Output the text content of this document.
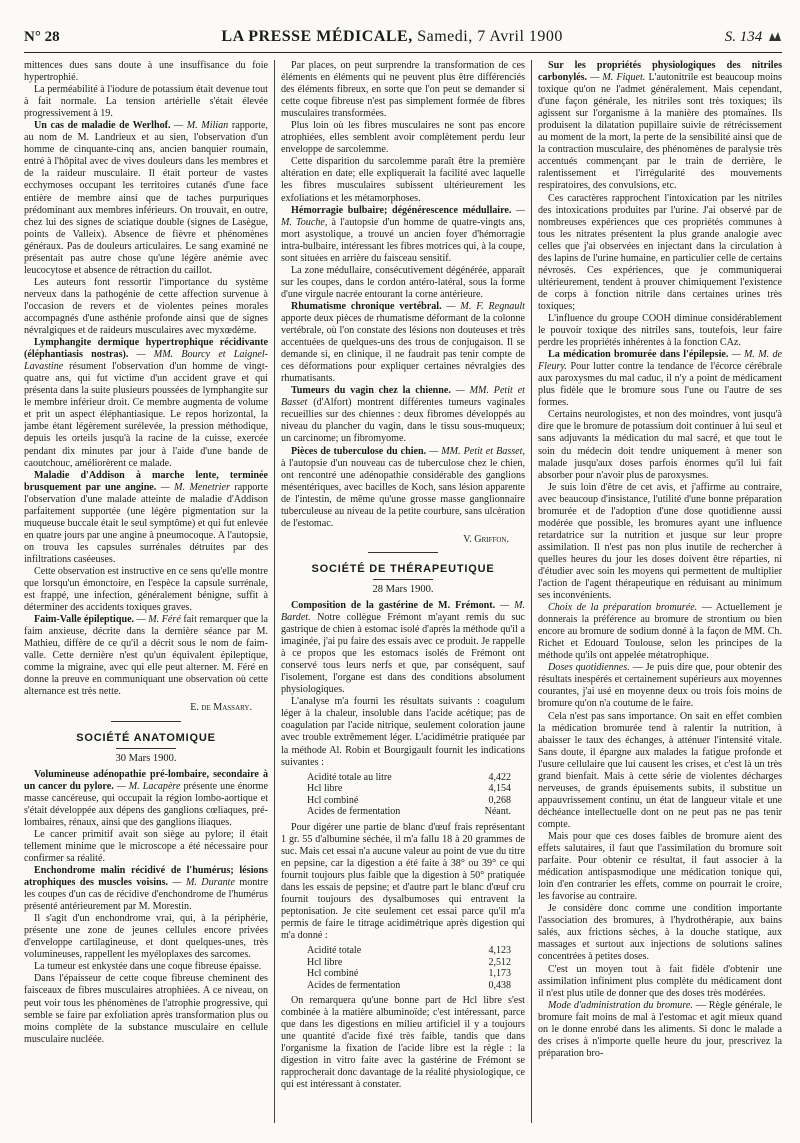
N° 28	LA PRESSE MÉDICALE, Samedi, 7 Avril 1900	S. 134

mittences dues sans doute à une insuffisance du foie hypertrophié.

La perméabilité à l'iodure de potassium était devenue tout à fait normale. La tension artérielle s'était élevée progressivement à 19.

Un cas de maladie de Werlhof. — M. Milian rapporte, au nom de M. Landrieux et au sien, l'observation d'un homme de cinquante-cinq ans, ancien banquier roumain, entré à l'hôpital avec de vives douleurs dans les membres et de la raideur musculaire. Il était porteur de vastes ecchymoses occupant les territoires cutanés d'une face entière de membre ainsi que de taches purpuriques prédominant aux membres inférieurs. On trouvait, en outre, chez lui des signes de sciatique double (signes de Lasègue, points de Valleix). Absence de fièvre et phénomènes généraux. Pas de douleurs articulaires. Le sang examiné ne présentait pas autre chose qu'une légère anémie avec leucocytose et absence de rétraction du caillot.

Les auteurs font ressortir l'importance du système nerveux dans la pathogénie de cette affection survenue à l'occasion de revers et de violentes peines morales accompagnés d'une asthénie profonde ainsi que de signes névralgiques et de raideurs musculaires avec myxœdème.

Lymphangite dermique hypertrophique récidivante (éléphantiasis nostras). — MM. Bourcy et Laignel-Lavastine résument l'observation d'un homme de vingt-quatre ans, qui fut victime d'un accident grave et qui présenta dans la suite plusieurs poussées de lymphangite sur le membre inférieur droit. Ce membre augmenta de volume et prit un aspect éléphantiasique. Le repos horizontal, la jambe étant légèrement surélevée, la pression méthodique, depuis les orteils jusqu'à la racine de la cuisse, exercée pendant dix minutes par jour à l'aide d'une bande de caoutchouc, améliorèrent ce malade.

Maladie d'Addison à marche lente, terminée brusquement par une angine. — M. Menetrier rapporte l'observation d'une malade atteinte de maladie d'Addison parfaitement supportée (une légère pigmentation sur la muqueuse buccale était le seul symptôme) et qui fut enlevée en quatre jours par une angine à pneumocoque. A l'autopsie, on trouva les capsules surrénales détruites par des infiltrations caséeuses.

Cette observation est instructive en ce sens qu'elle montre que lorsqu'un émonctoire, en l'espèce la capsule surrénale, est frappé, une infection, généralement bénigne, suffit à déterminer des accidents toxiques graves.

Faim-Valle épileptique. — M. Féré fait remarquer que la faim anxieuse, décrite dans la dernière séance par M. Mathieu, diffère de ce qu'il a décrit sous le nom de faim-valle. Cette dernière n'est qu'un équivalent épileptique, comme la migraine, avec qui elle peut alterner. M. Féré en donne la preuve en communiquant une observation où cette alternance est très nette.

E. de Massary.
SOCIÉTÉ ANATOMIQUE
30 Mars 1900.

Volumineuse adénopathie pré-lombaire, secondaire à un cancer du pylore. — M. Lacapère présente une énorme masse cancéreuse, qui occupait la région lombo-aortique et s'était développée aux dépens des ganglions cœliaques, pré-lombaires, rénaux, ainsi que des ganglions iliaques.

Le cancer primitif avait son siège au pylore; il était tellement minime que le microscope a été nécessaire pour confirmer sa réalité.

Enchondrome malin récidivé de l'humérus; lésions atrophiques des muscles voisins. — M. Durante montre les coupes d'un cas de récidive d'enchondrome de l'humérus présenté antérieurement par M. Morestin.

Il s'agit d'un enchondrome vrai, qui, à la périphérie, présente une zone de jeunes cellules encore privées d'enveloppe cartilagineuse, et dont quelques-unes, très volumineuses, rappellent les myéloplaxes des sarcomes.

La tumeur est enkystée dans une coque fibreuse épaisse.

Dans l'épaisseur de cette coque fibreuse cheminent des faisceaux de fibres musculaires atrophiées. A ce niveau, on peut voir tous les phénomènes de l'atrophie progressive, qui semble se faire par exfoliation après transformation plus ou moins complète de la substance musculaire en cellule musculaire nucléée.

Par places, on peut surprendre la transformation de ces éléments en éléments qui ne peuvent plus être différenciés des éléments fibreux, en sorte que l'on peut se demander si cette coque fibreuse n'est pas simplement formée de fibres musculaires transformées.

Plus loin où les fibres musculaires ne sont pas encore atrophiées, elles semblent avoir complètement perdu leur enveloppe de sarcolemme.

Cette disparition du sarcolemme paraît être la première altération en date; elle expliquerait la facilité avec laquelle les fibres musculaires subissent ultérieurement les exfoliations et les métamorphoses.

Hémorragie bulbaire; dégénérescence médullaire. — M. Touche, à l'autopsie d'un homme de quatre-vingts ans, mort asystolique, a trouvé un ancien foyer d'hémorragie intra-bulbaire, intéressant les fibres motrices qui, à la coupe, sont situées en arrière du faisceau sensitif.

La zone médullaire, consécutivement dégénérée, apparaît sur les coupes, dans le cordon antéro-latéral, sous la forme d'une virgule nacrée entourant la corne antérieure.

Rhumatisme chronique vertébral. — M. F. Regnault apporte deux pièces de rhumatisme déformant de la colonne vertébrale, où l'on constate des lésions non douteuses et très accentuées de quelques-uns des trous de conjugaison. Il se demande si, en clinique, il ne faudrait pas tenir compte de ces déformations pour expliquer certaines névralgies des rhumatisants.

Tumeurs du vagin chez la chienne. — MM. Petit et Basset (d'Alfort) montrent différentes tumeurs vaginales recueillies sur des chiennes : deux fibromes développés au niveau du plancher du vagin, dans le tissu sous-muqueux; un carcinome; un fibromyome.

Pièces de tuberculose du chien. — MM. Petit et Basset, à l'autopsie d'un nouveau cas de tuberculose chez le chien, ont rencontré une adénopathie considérable des ganglions mésentériques, avec bacilles de Koch, sans lésion apparente de l'intestin, de même qu'une grosse masse ganglionnaire tuberculeuse au niveau de la petite courbure, sans ulcération de l'estomac.

V. Griffon.
SOCIÉTÉ DE THÉRAPEUTIQUE
28 Mars 1900.

Composition de la gastérine de M. Frémont. — M. Bardet. Notre collègue Frémont m'ayant remis du suc gastrique de chien à estomac isolé d'après la méthode qu'il a imaginée, j'ai pu faire des essais avec ce produit. Je rappelle à ce propos que les estomacs isolés de Frémont ont conservé tous leurs nerfs et que, par conséquent, sauf l'isolement, l'organe est dans des conditions absolument physiologiques.

L'analyse m'a fourni les résultats suivants : coagulum léger à la chaleur, insoluble dans l'acide acétique; pas de coagulation par l'acide nitrique, seulement coloration jaune avec trouble extrêmement léger. L'acidimétrie pratiquée par la méthode Al. Robin et Bourgigault fournit les indications suivantes :

Acidité totale au litre	4,422
Hcl libre	4,154
Hcl combiné	0,268
Acides de fermentation	Néant.

Pour digérer une partie de blanc d'œuf frais représentant 1 gr. 55 d'albumine séchée, il m'a fallu 18 à 20 grammes de suc. Mais cet essai n'a aucune valeur au point de vue du titre en pepsine, car la digestion a été faite à 38° ou 39° ce qui fournit toujours plus faible que la digestion à 50° pratiquée dans les essais de pepsine; et d'autre part le blanc d'œuf cru fournit toujours des dysalbumoses qui entravent la peptonisation. Je cite seulement cet essai parce qu'il m'a permis de faire le titrage acidimétrique après digestion qui m'a donné :

Acidité totale	4,123
Hcl libre	2,512
Hcl combiné	1,173
Acides de fermentation	0,438

On remarquera qu'une bonne part de Hcl libre s'est combinée à la matière albuminoïde; c'est intéressant, parce que dans les digestions en milieu artificiel il y a toujours une quantité d'acide fixé très faible, tandis que dans l'organisme la fixation de l'acide libre est la règle : la digestion in vitro faite avec la gastérine de Frémont se rapprocherait donc davantage de la réalité physiologique, ce qui est intéressant à constater.

Sur les propriétés physiologiques des nitriles carbonylés. — M. Fiquet. L'autonitrile est beaucoup moins toxique qu'on ne l'admet généralement. Mais cependant, d'une façon générale, les nitriles sont très toxiques; ils agissent sur l'organisme à la manière des ptomaïnes. Ils produisent la dilatation pupillaire suivie de rétrécissement au moment de la mort, la perte de la sensibilité ainsi que de la contraction musculaire, des phénomènes de paralysie très accentués commençant par le train de derrière, le ralentissement et l'irrégularité des mouvements respiratoires, des convulsions, etc.

Ces caractères rapprochent l'intoxication par les nitriles des intoxications produites par l'urine. J'ai observé par de nombreuses expériences que ces propriétés communes à tous les nitrates présentent la plus grande analogie avec celles que j'ai observées en injectant dans la circulation à des lapins de l'urine humaine, en particulier celle de certains névrosés. Ces expériences, que je communiquerai ultérieurement, tendent à prouver chimiquement l'existence de corps à fonction nitrile dans certaines urines très toxiques;

L'influence du groupe COOH diminue considérablement le pouvoir toxique des nitriles sans, toutefois, leur faire perdre les propriétés inhérentes à la fonction CAz.

La médication bromurée dans l'épilepsie. — M. M. de Fleury. Pour lutter contre la tendance de l'écorce cérébrale aux paroxysmes du mal caduc, il n'y a point de médicament plus fidèle que le bromure sous l'une ou l'autre de ses formes.

Certains neurologistes, et non des moindres, vont jusqu'à dire que le bromure de potassium doit continuer à lui seul et sans adjuvants la médication du mal sacré, et que tout le soin du médecin doit tendre uniquement à mener son malade jusqu'aux doses parfois énormes qu'il lui fait absorber pour n'avoir plus de paroxysmes.

Je suis loin d'être de cet avis, et j'affirme au contraire, avec beaucoup d'insistance, l'utilité d'une bonne préparation bromurée et de l'adoption d'une dose quotidienne aussi modérée que possible, les bromures ayant une influence retardatrice sur la nutrition et jusque sur leur propre assimilation. Il n'est pas non plus inutile de rechercher à quelles heures du jour les doses doivent être réparties, ni d'étudier avec soin les moyens qui permettent de multiplier l'action de l'agent thérapeutique en réduisant au minimum ses inconvénients.

Choix de la préparation bromurée. — Actuellement je donnerais la préférence au bromure de strontium ou bien encore au bromure de sodium donné à la façon de MM. Ch. Richet et Edouard Toulouse, selon les principes de la méthode qu'ils ont appelée métatrophique.

Doses quotidiennes. — Je puis dire que, pour obtenir des résultats inespérés et certainement supérieurs aux moyennes courantes, j'ai usé en moyenne deux ou trois fois moins de bromure qu'on n'a coutume de le faire.

Cela n'est pas sans importance. On sait en effet combien la médication bromurée tend à ralentir la nutrition, à abaisser le taux des échanges, à atténuer l'intensité vitale. Sans doute, il épargne aux malades la fatigue profonde et l'usure cellulaire que lui causent les crises, et c'est là un très grand bienfait. Mais à cette série de violentes décharges nerveuses, de grands épuisements subits, il substitue un appauvrissement continu, un état de langueur vitale et une déchéance intellectuelle dont on ne peut pas ne pas tenir compte.

Mais pour que ces doses faibles de bromure aient des effets salutaires, il faut que l'assimilation du bromure soit parfaite. Pour obtenir ce résultat, il faut associer à la médication antispasmodique une médication tonique qui, loin d'en contrarier les effets, comme on pourrait le croire, les favorise au contraire.

Je considère donc comme une condition importante l'association des bromures, à l'hydrothérapie, aux bains salés, aux frictions sèches, à la douche statique, aux massages et surtout aux injections de solutions salines concentrées à petites doses.

C'est un moyen tout à fait fidèle d'obtenir une assimilation infiniment plus complète du médicament dont il n'est plus utile de donner que des doses très modérées.

Mode d'administration du bromure. — Règle générale, le bromure fait moins de mal à l'estomac et agit mieux quand on le donne enrobé dans les aliments. Si donc le malade a des crises à n'importe quelle heure du jour, prescrivez la préparation bro-
